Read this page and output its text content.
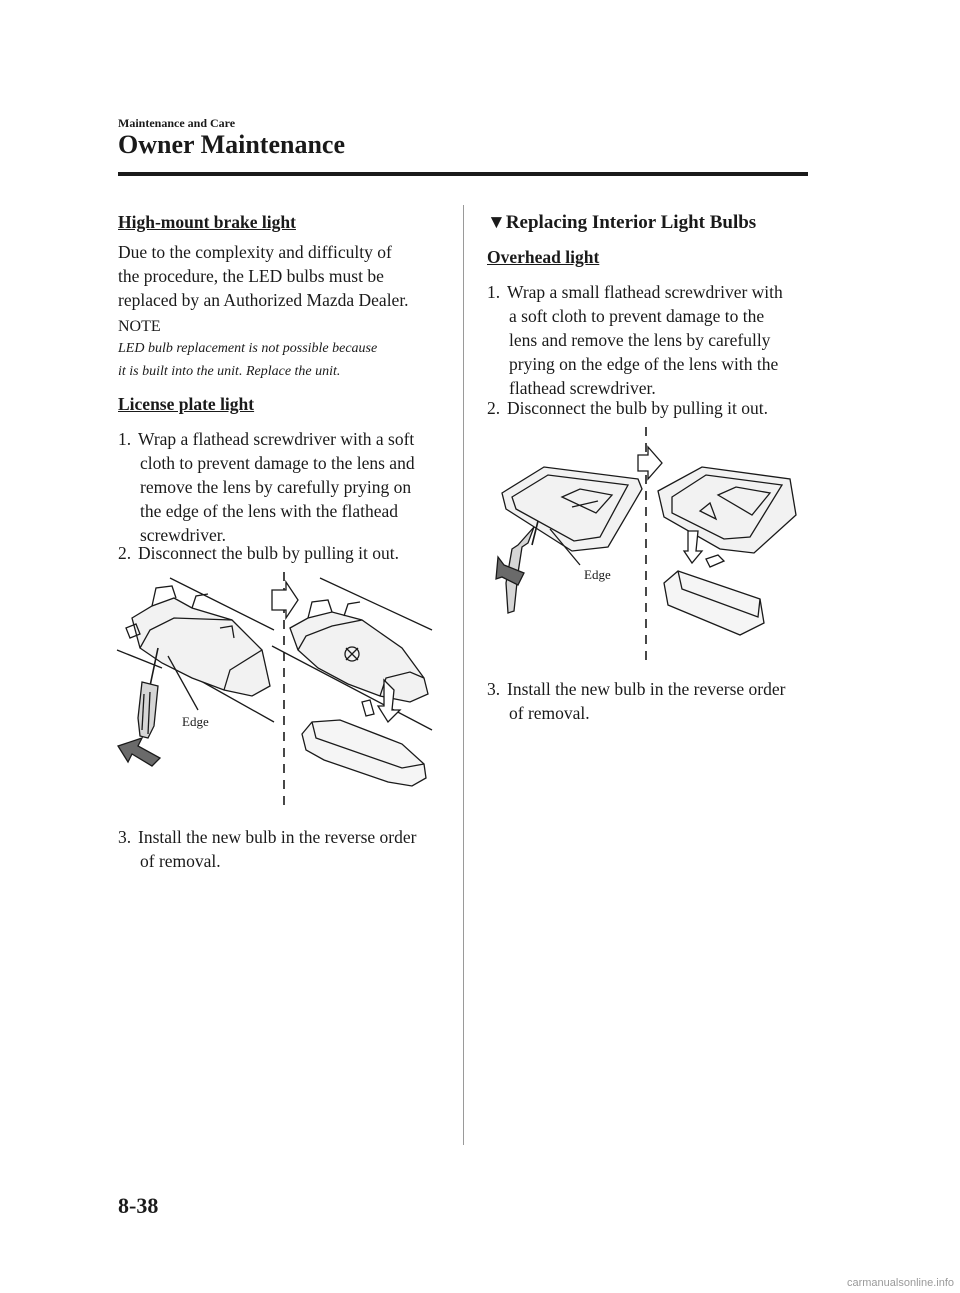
Maintenance and Care
Owner Maintenance
High-mount brake light
Due to the complexity and difficulty of
the procedure, the LED bulbs must be
replaced by an Authorized Mazda Dealer.
NOTE
LED bulb replacement is not possible because
it is built into the unit. Replace the unit.
License plate light
1. Wrap a flathead screwdriver with a soft
cloth to prevent damage to the lens and
remove the lens by carefully prying on
the edge of the lens with the flathead
screwdriver.
2. Disconnect the bulb by pulling it out.
Edge
3. Install the new bulb in the reverse order
of removal.
▼Replacing Interior Light Bulbs
Overhead light
1. Wrap a small flathead screwdriver with
a soft cloth to prevent damage to the
lens and remove the lens by carefully
prying on the edge of the lens with the
flathead screwdriver.
2. Disconnect the bulb by pulling it out.
Edge
3. Install the new bulb in the reverse order
of removal.
8-38
carmanualsonline.info
